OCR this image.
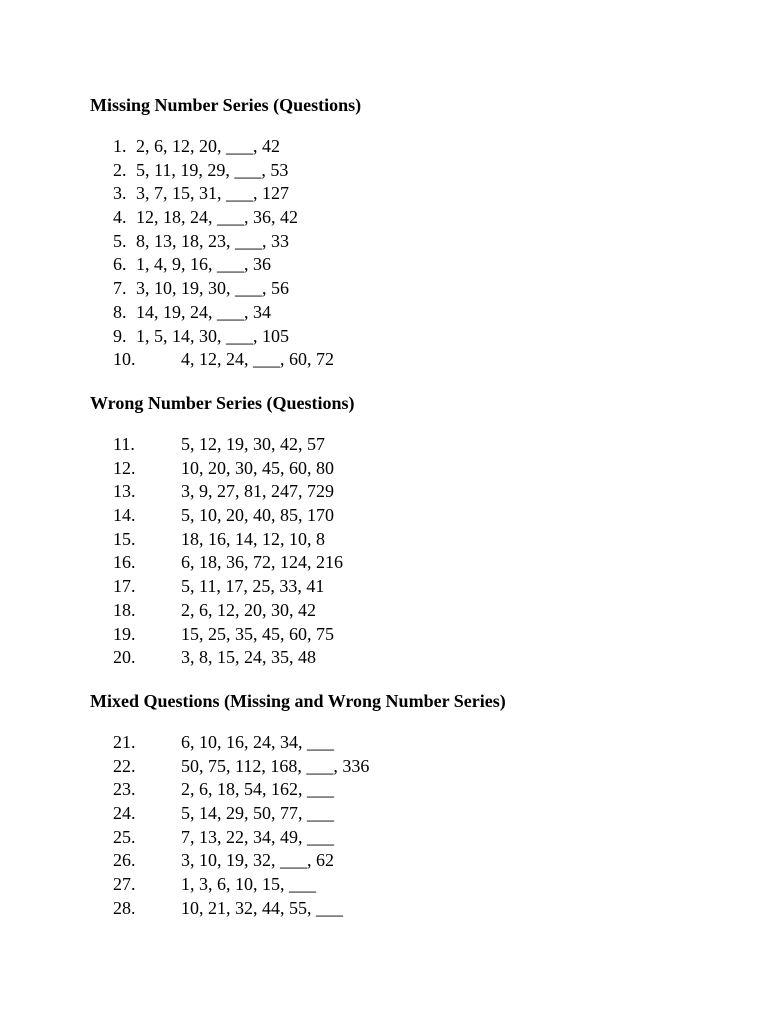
Missing Number Series (Questions)
1. 2, 6, 12, 20, ___, 42
2. 5, 11, 19, 29, ___, 53
3. 3, 7, 15, 31, ___, 127
4. 12, 18, 24, ___, 36, 42
5. 8, 13, 18, 23, ___, 33
6. 1, 4, 9, 16, ___, 36
7. 3, 10, 19, 30, ___, 56
8. 14, 19, 24, ___, 34
9. 1, 5, 14, 30, ___, 105
10.	4, 12, 24, ___, 60, 72
Wrong Number Series (Questions)
11.	5, 12, 19, 30, 42, 57
12.	10, 20, 30, 45, 60, 80
13.	3, 9, 27, 81, 247, 729
14.	5, 10, 20, 40, 85, 170
15.	18, 16, 14, 12, 10, 8
16.	6, 18, 36, 72, 124, 216
17.	5, 11, 17, 25, 33, 41
18.	2, 6, 12, 20, 30, 42
19.	15, 25, 35, 45, 60, 75
20.	3, 8, 15, 24, 35, 48
Mixed Questions (Missing and Wrong Number Series)
21.	6, 10, 16, 24, 34, ___
22.	50, 75, 112, 168, ___, 336
23.	2, 6, 18, 54, 162, ___
24.	5, 14, 29, 50, 77, ___
25.	7, 13, 22, 34, 49, ___
26.	3, 10, 19, 32, ___, 62
27.	1, 3, 6, 10, 15, ___
28.	10, 21, 32, 44, 55, ___
